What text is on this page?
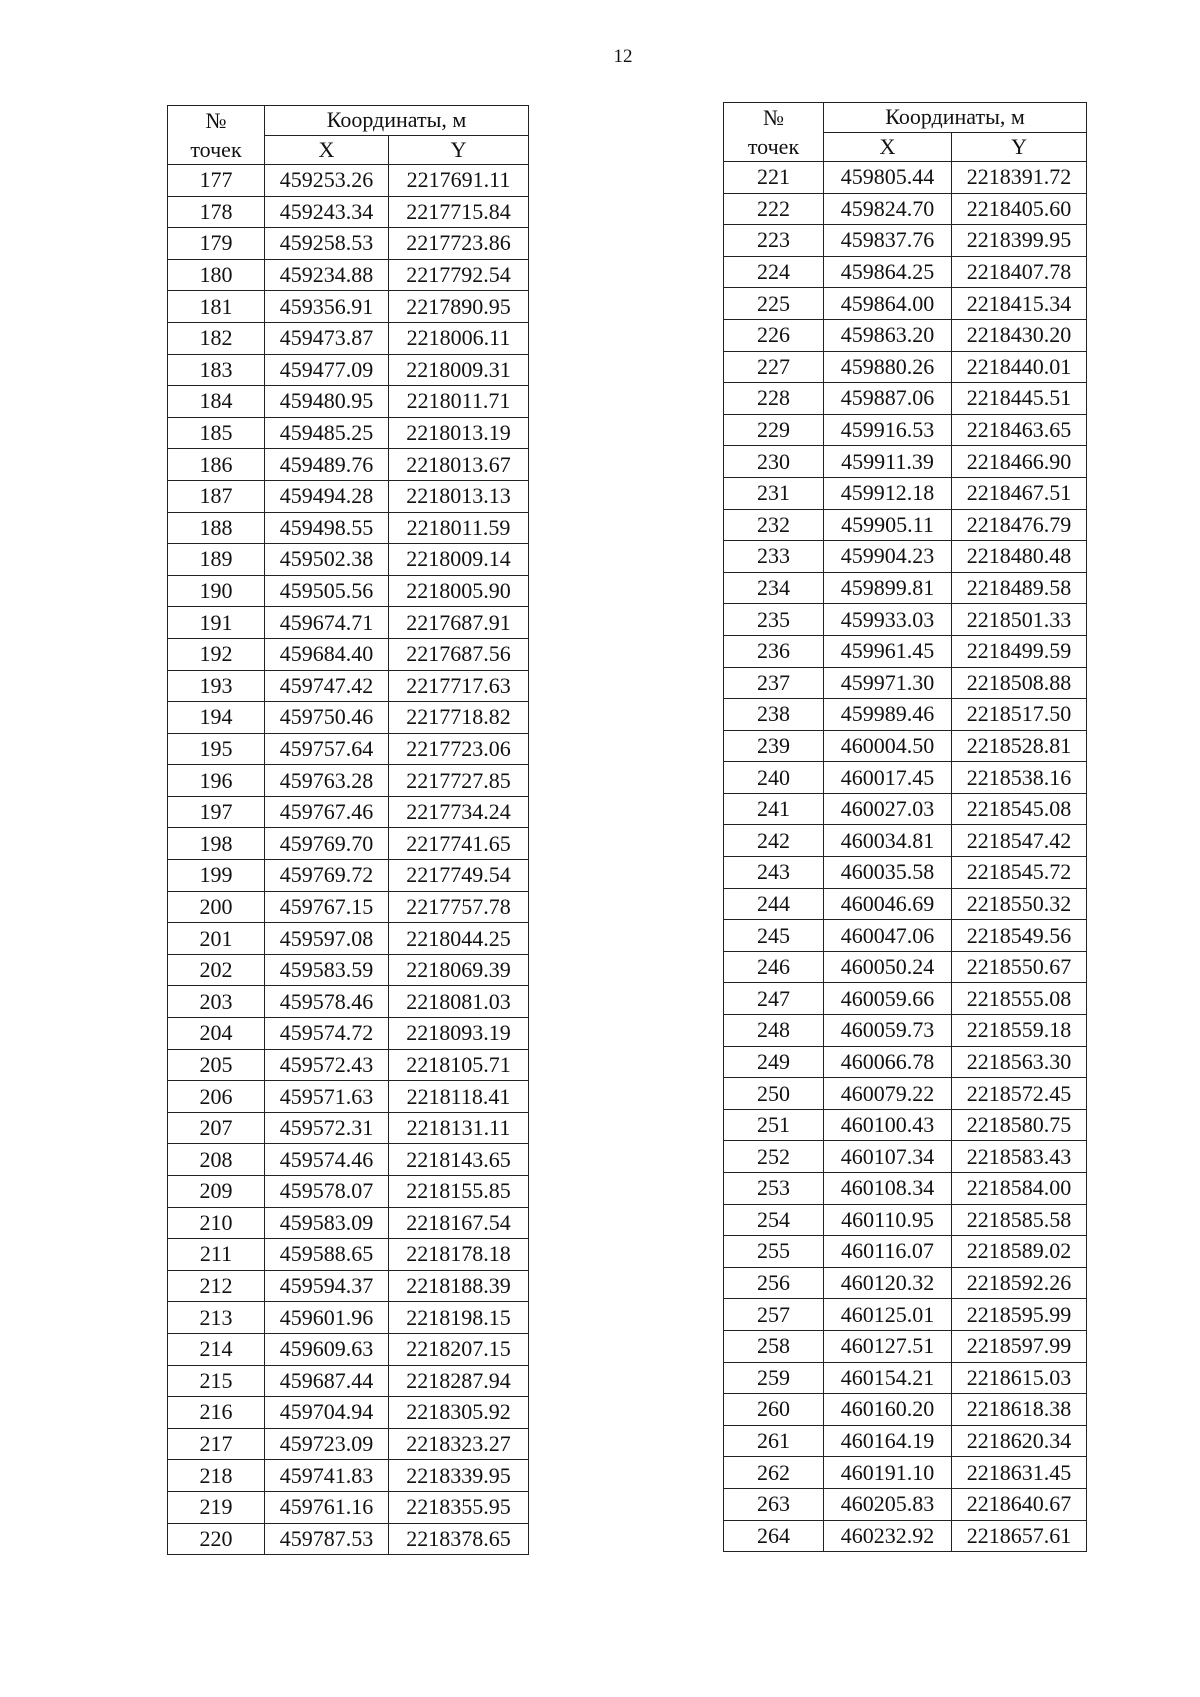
12
№
точек	Координаты, м	
	X	Y
177	459253.26	2217691.11
178	459243.34	2217715.84
179	459258.53	2217723.86
180	459234.88	2217792.54
181	459356.91	2217890.95
182	459473.87	2218006.11
183	459477.09	2218009.31
184	459480.95	2218011.71
185	459485.25	2218013.19
186	459489.76	2218013.67
187	459494.28	2218013.13
188	459498.55	2218011.59
189	459502.38	2218009.14
190	459505.56	2218005.90
191	459674.71	2217687.91
192	459684.40	2217687.56
193	459747.42	2217717.63
194	459750.46	2217718.82
195	459757.64	2217723.06
196	459763.28	2217727.85
197	459767.46	2217734.24
198	459769.70	2217741.65
199	459769.72	2217749.54
200	459767.15	2217757.78
201	459597.08	2218044.25
202	459583.59	2218069.39
203	459578.46	2218081.03
204	459574.72	2218093.19
205	459572.43	2218105.71
206	459571.63	2218118.41
207	459572.31	2218131.11
208	459574.46	2218143.65
209	459578.07	2218155.85
210	459583.09	2218167.54
211	459588.65	2218178.18
212	459594.37	2218188.39
213	459601.96	2218198.15
214	459609.63	2218207.15
215	459687.44	2218287.94
216	459704.94	2218305.92
217	459723.09	2218323.27
218	459741.83	2218339.95
219	459761.16	2218355.95
220	459787.53	2218378.65
№
точек	Координаты, м	
	X	Y
221	459805.44	2218391.72
222	459824.70	2218405.60
223	459837.76	2218399.95
224	459864.25	2218407.78
225	459864.00	2218415.34
226	459863.20	2218430.20
227	459880.26	2218440.01
228	459887.06	2218445.51
229	459916.53	2218463.65
230	459911.39	2218466.90
231	459912.18	2218467.51
232	459905.11	2218476.79
233	459904.23	2218480.48
234	459899.81	2218489.58
235	459933.03	2218501.33
236	459961.45	2218499.59
237	459971.30	2218508.88
238	459989.46	2218517.50
239	460004.50	2218528.81
240	460017.45	2218538.16
241	460027.03	2218545.08
242	460034.81	2218547.42
243	460035.58	2218545.72
244	460046.69	2218550.32
245	460047.06	2218549.56
246	460050.24	2218550.67
247	460059.66	2218555.08
248	460059.73	2218559.18
249	460066.78	2218563.30
250	460079.22	2218572.45
251	460100.43	2218580.75
252	460107.34	2218583.43
253	460108.34	2218584.00
254	460110.95	2218585.58
255	460116.07	2218589.02
256	460120.32	2218592.26
257	460125.01	2218595.99
258	460127.51	2218597.99
259	460154.21	2218615.03
260	460160.20	2218618.38
261	460164.19	2218620.34
262	460191.10	2218631.45
263	460205.83	2218640.67
264	460232.92	2218657.61
